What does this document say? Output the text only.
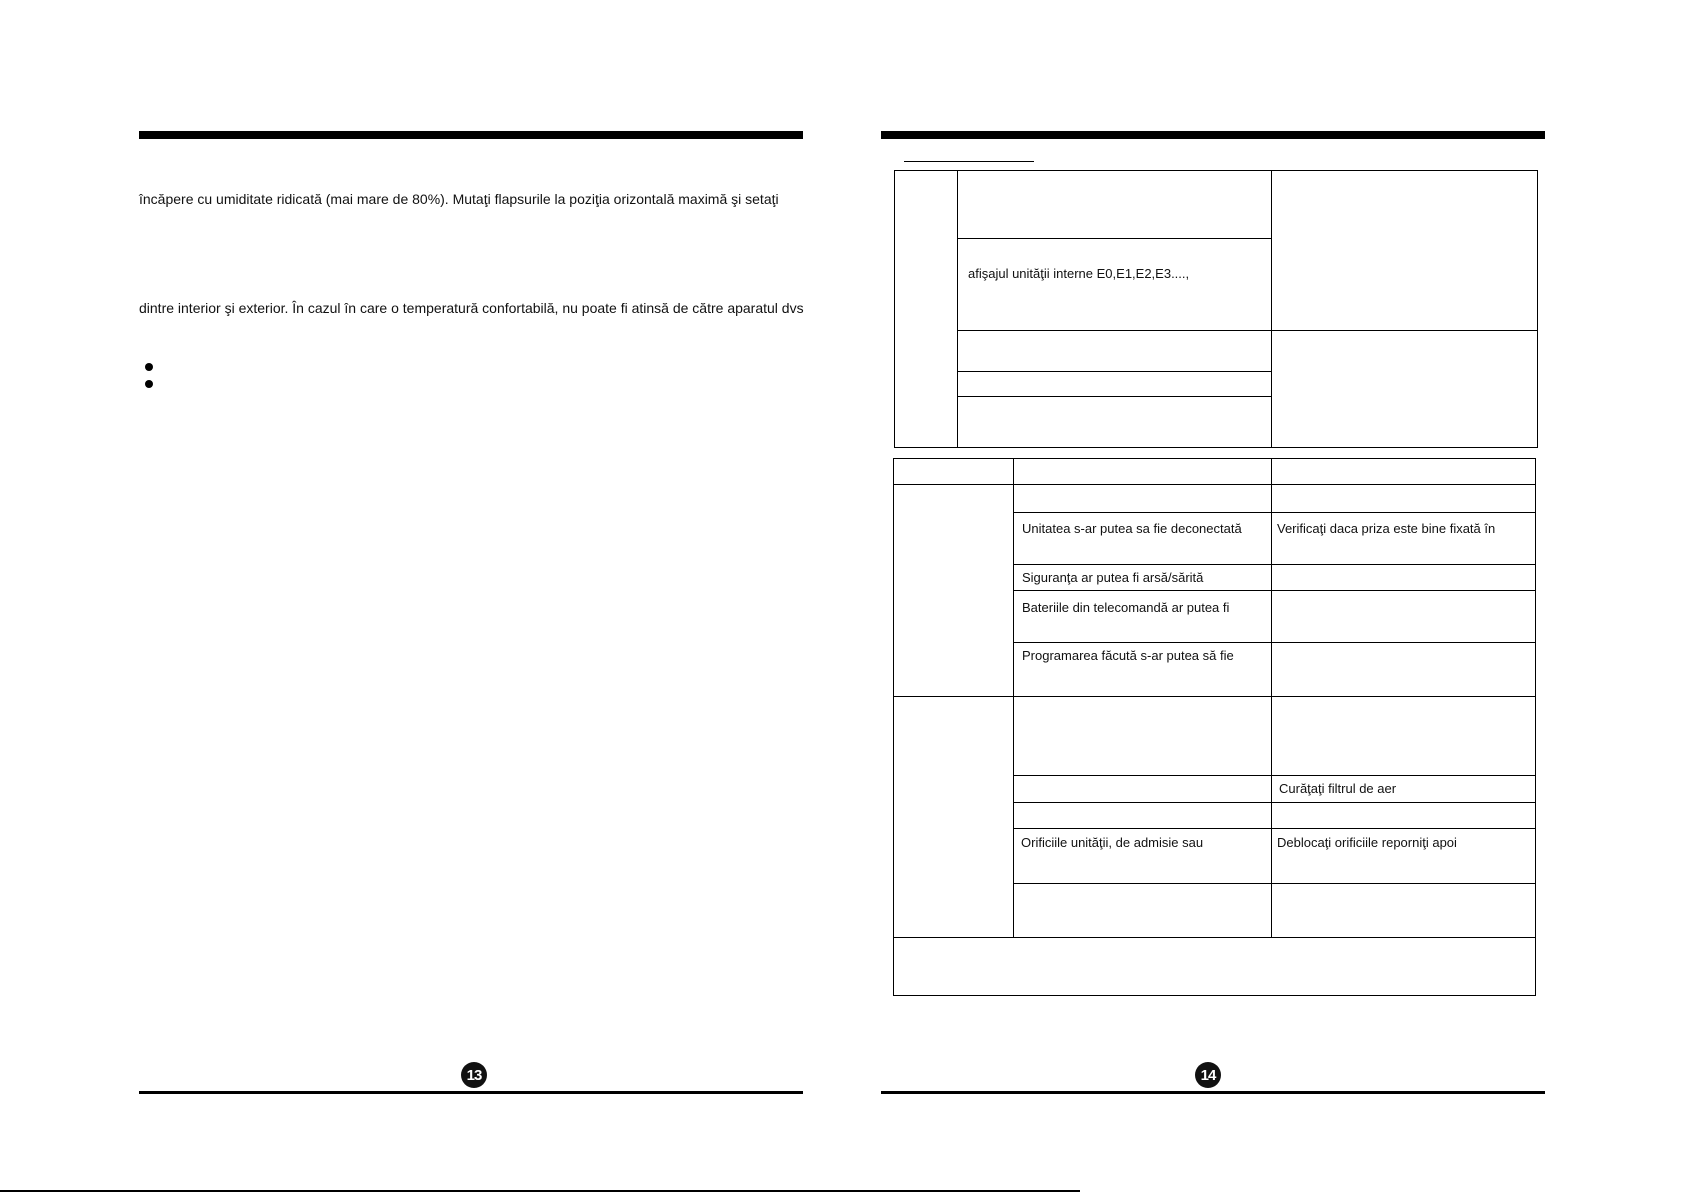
încăpere cu umiditate ridicată (mai mare de 80%). Mutaţi flapsurile la poziţia orizontală maximă şi setaţi
dintre interior şi exterior. În cazul în care o temperatură confortabilă, nu poate fi atinsă de către aparatul dvs
13
afişajul unităţii interne E0,E1,E2,E3....,
Unitatea s-ar putea sa fie deconectată	Verificaţi daca priza este bine fixată în
Siguranţa ar putea fi arsă/sărită
Bateriile din telecomandă ar putea fi
Programarea făcută s-ar putea să fie
Curăţaţi filtrul de aer
Orificiile unităţii, de admisie sau	Deblocaţi orificiile reporniţi apoi
14
